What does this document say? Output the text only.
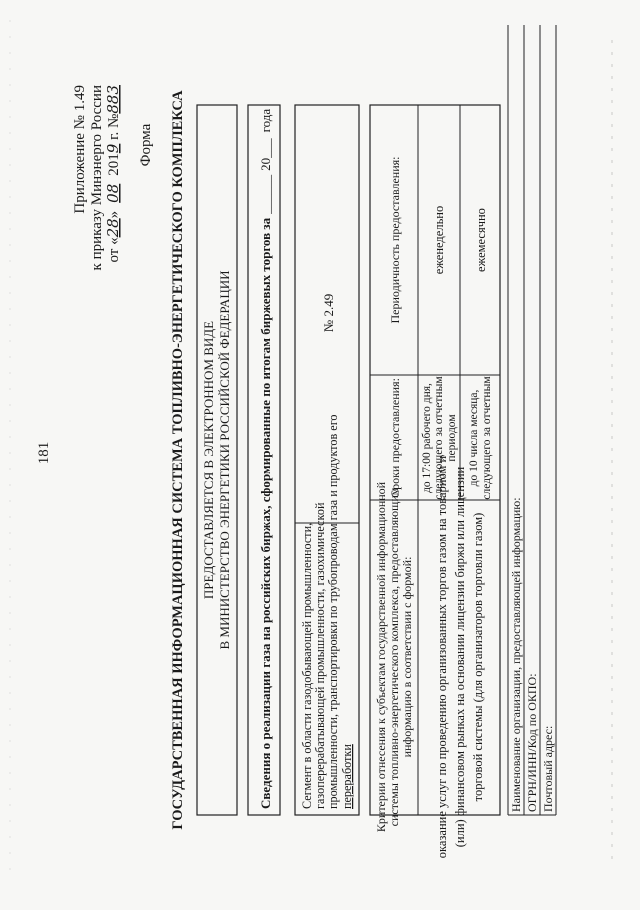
181
Приложение № 1.49 к приказу Минэнерго России от «28»082019 г. №883
Форма ГОСУДАРСТВЕННАЯ ИНФОРМАЦИОННАЯ СИСТЕМА ТОПЛИВНО-ЭНЕРГЕТИЧЕСКОГО КОМПЛЕКСА ПРЕДОСТАВЛЯЕТСЯ В ЭЛЕКТРОННОМ ВИДЕ В МИНИСТЕРСТВО ЭНЕРГЕТИКИ РОССИЙСКОЙ ФЕДЕРАЦИИ Сведения о реализации газа на российских биржах, сформированные по итогам биржевых торгов за______20___года
Сегмент в области газодобывающей промышленности, газоперерабатывающей промышленности, газохимической промышленности, транспортировки по трубопроводам газа и продуктов его переработки
№ 2.49
Критерии отнесения к субъектам государственной информационной системы топливно-энергетического комплекса, предоставляющим информацию в соответствии с формой:
Сроки предоставления:
Периодичность предоставления:
оказание услуг по проведению организованных торгов газом на товарном и (или) финансовом рынках на основании лицензии биржи или лицензии торговой системы (для организаторов торговли газом)
до 17:00 рабочего дня, следующего за отчетным периодом
еженедельно
до 10 числа месяца, следующего за отчетным
ежемесячно
Наименование организации, предоставляющей информацию: ОГРН/ИНН/Код по ОКПО: Почтовый адрес:
